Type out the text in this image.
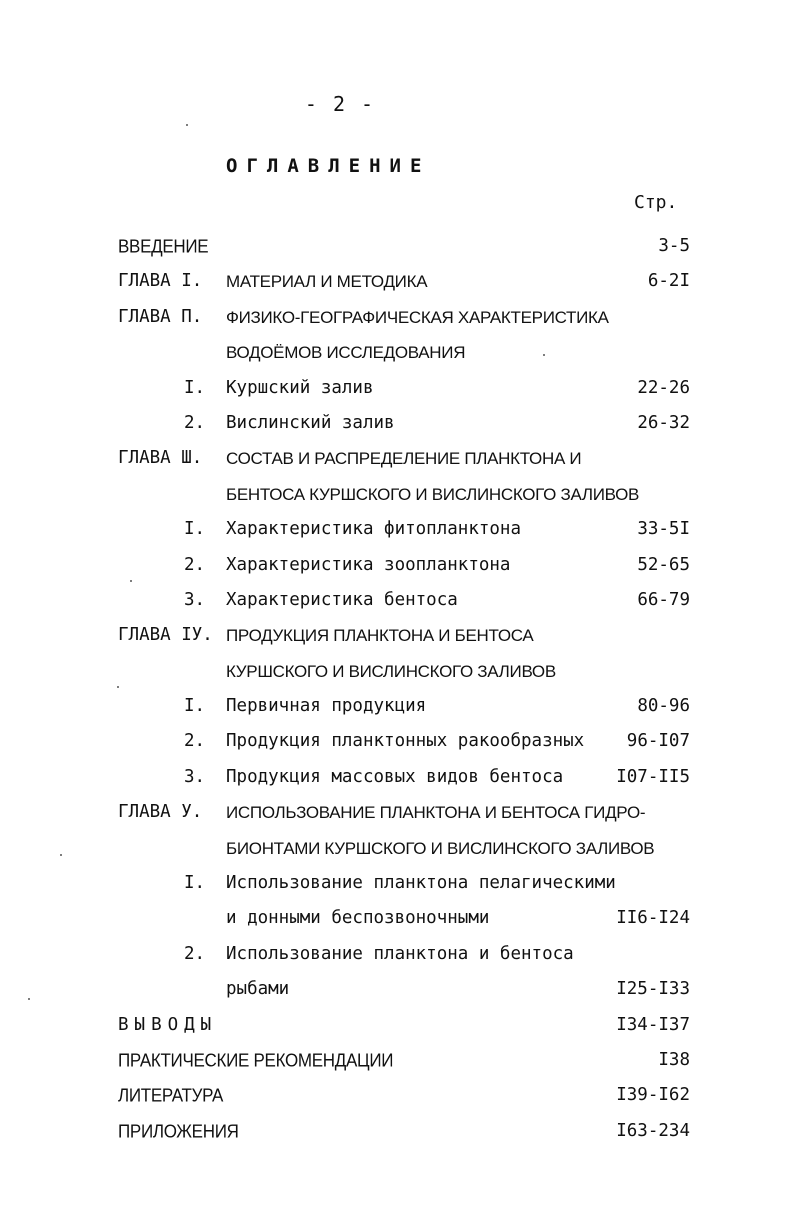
- 2 -
ОГЛАВЛЕНИЕ
Стр.
ВВЕДЕНИЕ	3-5
ГЛАВА I. МАТЕРИАЛ И МЕТОДИКА	6-2I
ГЛАВА П. ФИЗИКО-ГЕОГРАФИЧЕСКАЯ ХАРАКТЕРИСТИКА
ВОДОЁМОВ ИССЛЕДОВАНИЯ
I. Куршский залив	22-26
2. Вислинский залив	26-32
ГЛАВА Ш. СОСТАВ И РАСПРЕДЕЛЕНИЕ ПЛАНКТОНА И
БЕНТОСА КУРШСКОГО И ВИСЛИНСКОГО ЗАЛИВОВ
I. Характеристика фитопланктона	33-5I
2. Характеристика зоопланктона	52-65
3. Характеристика бентоса	66-79
ГЛАВА IУ. ПРОДУКЦИЯ ПЛАНКТОНА И БЕНТОСА
КУРШСКОГО И ВИСЛИНСКОГО ЗАЛИВОВ
I. Первичная продукция	80-96
2. Продукция планктонных ракообразных 96-I07
3. Продукция массовых видов бентоса	I07-II5
ГЛАВА У. ИСПОЛЬЗОВАНИЕ ПЛАНКТОНА И БЕНТОСА ГИДРО-
БИОНТАМИ КУРШСКОГО И ВИСЛИНСКОГО ЗАЛИВОВ
I. Использование планктона пелагическими
и донными беспозвоночными	II6-I24
2. Использование планктона и бентоса
рыбами	I25-I33
ВЫВОДЫ	I34-I37
ПРАКТИЧЕСКИЕ РЕКОМЕНДАЦИИ	I38
ЛИТЕРАТУРА	I39-I62
ПРИЛОЖЕНИЯ	I63-234
